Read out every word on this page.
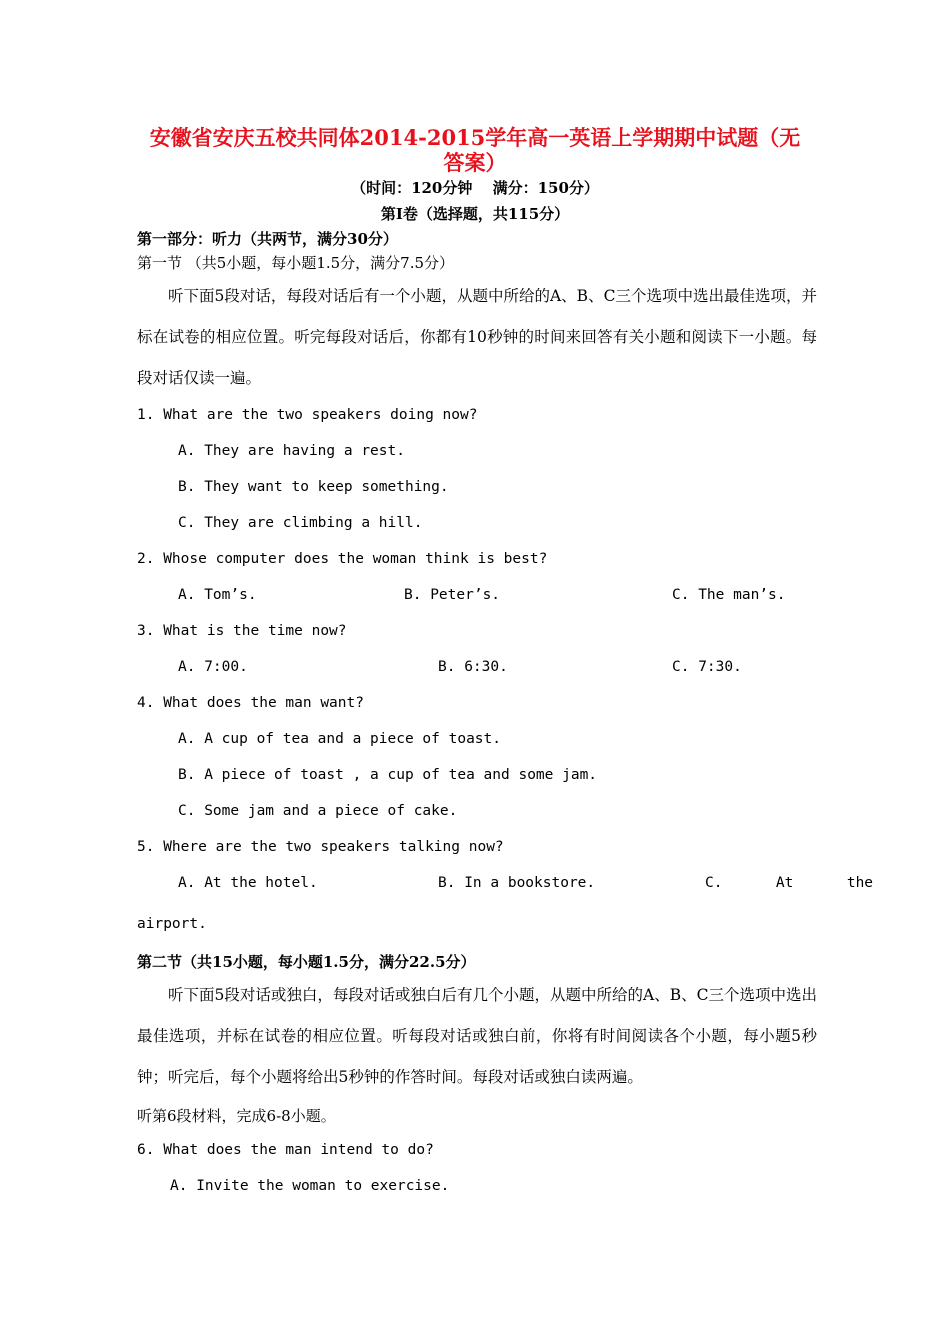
安徽省安庆五校共同体2014-2015学年高一英语上学期期中试题（无
答案）
（时间：120分钟　 满分：150分）
第Ⅰ卷（选择题，共115分）
第一部分：听力（共两节，满分30分）
第一节 （共5小题，每小题1.5分，满分7.5分）
听下面5段对话，每段对话后有一个小题，从题中所给的A、B、C三个选项中选出最佳选项，并标在试卷的相应位置。听完每段对话后，你都有10秒钟的时间来回答有关小题和阅读下一小题。每段对话仅读一遍。
1. What are the two speakers doing now?
A. They are having a rest.
B. They want to keep something.
C. They are climbing a hill.
2. Whose computer does the woman think is best?
A. Tom’s.	B. Peter’s.	C. The man’s.
3. What is the time now?
A. 7:00.	B. 6:30.	C. 7:30.
4. What does the man want?
A. A cup of tea and a piece of toast.
B. A piece of toast , a cup of tea and some jam.
C. Some jam and a piece of cake.
5. Where are the two speakers talking now?
A. At the hotel.	B. In a bookstore.	C.  At  the
airport.
第二节（共15小题，每小题1.5分，满分22.5分）
听下面5段对话或独白，每段对话或独白后有几个小题，从题中所给的A、B、C三个选项中选出最佳选项，并标在试卷的相应位置。听每段对话或独白前，你将有时间阅读各个小题，每小题5秒钟；听完后，每个小题将给出5秒钟的作答时间。每段对话或独白读两遍。
听第6段材料，完成6-8小题。
6. What does the man intend to do?
A. Invite the woman to exercise.
